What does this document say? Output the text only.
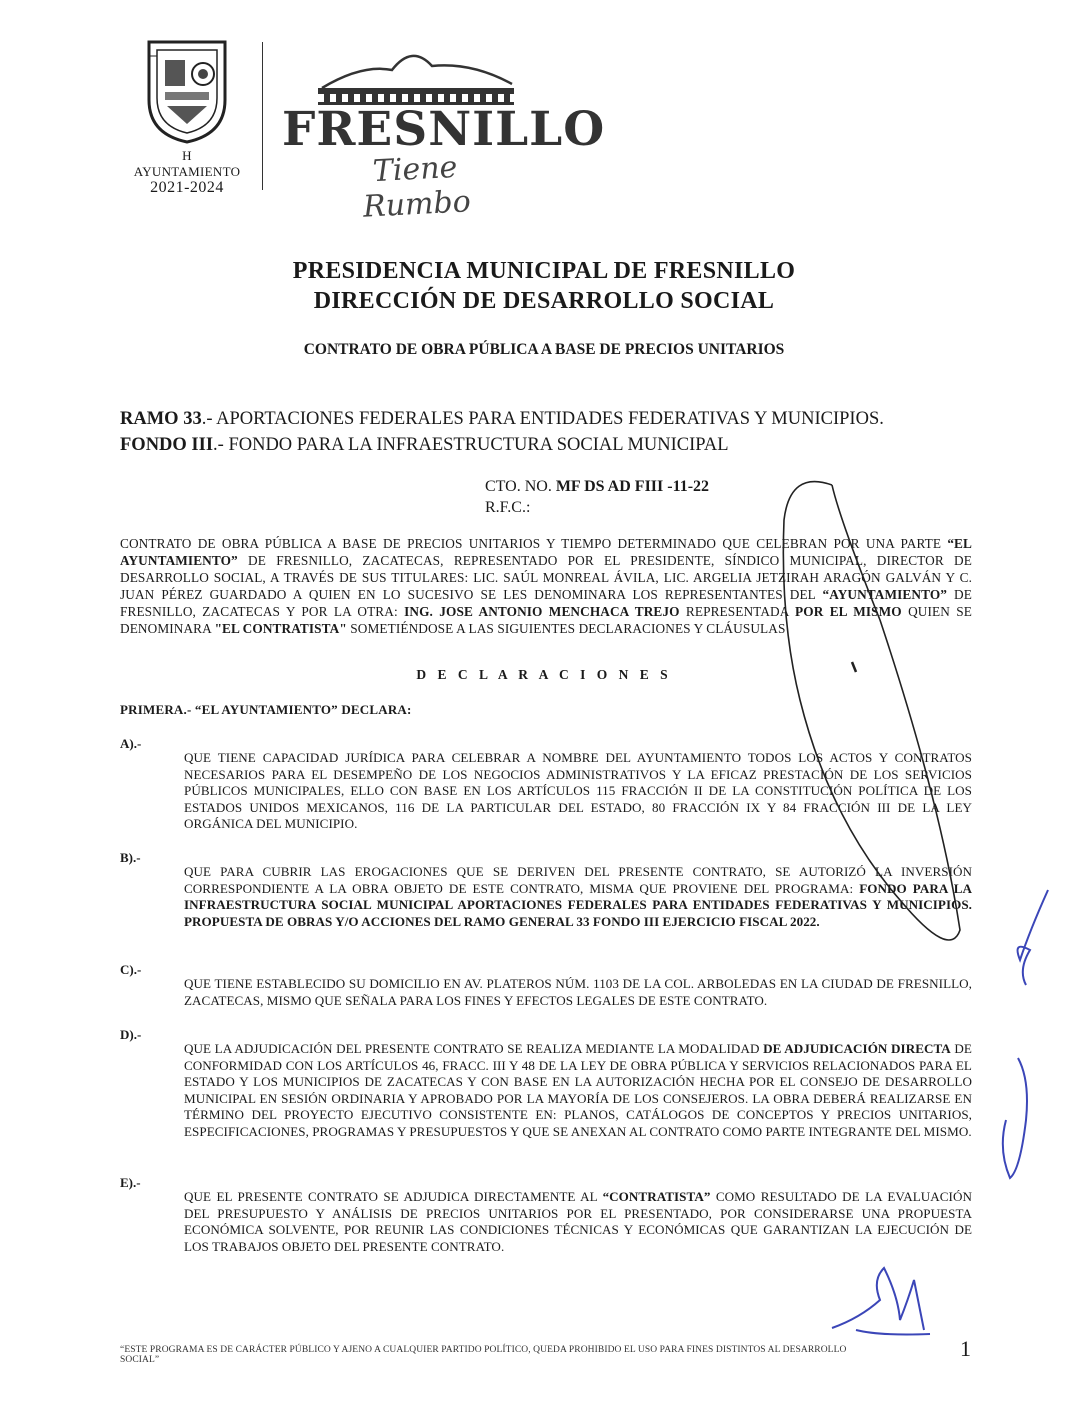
H AYUNTAMIENTO
2021-2024
FRESNILLO
Tiene Rumbo
PRESIDENCIA MUNICIPAL DE FRESNILLO
DIRECCIÓN DE DESARROLLO SOCIAL
CONTRATO DE OBRA PÚBLICA A BASE DE PRECIOS UNITARIOS
RAMO 33.- APORTACIONES FEDERALES PARA ENTIDADES FEDERATIVAS Y MUNICIPIOS.
FONDO III.- FONDO PARA LA INFRAESTRUCTURA SOCIAL MUNICIPAL
CTO. NO. MF DS AD FIII -11-22
R.F.C.:
CONTRATO DE OBRA PÚBLICA A BASE DE PRECIOS UNITARIOS Y TIEMPO DETERMINADO QUE CELEBRAN POR UNA PARTE “EL AYUNTAMIENTO” DE FRESNILLO, ZACATECAS, REPRESENTADO POR EL PRESIDENTE, SÍNDICO MUNICIPAL, DIRECTOR DE DESARROLLO SOCIAL, A TRAVÉS DE SUS TITULARES: LIC. SAÚL MONREAL ÁVILA, LIC. ARGELIA JETZIRAH ARAGÓN GALVÁN Y C. JUAN PÉREZ GUARDADO A QUIEN EN LO SUCESIVO SE LES DENOMINARA LOS REPRESENTANTES DEL “AYUNTAMIENTO” DE FRESNILLO, ZACATECAS Y POR LA OTRA: ING. JOSE ANTONIO MENCHACA TREJO REPRESENTADA POR EL MISMO QUIEN SE DENOMINARA "EL CONTRATISTA" SOMETIÉNDOSE A LAS SIGUIENTES DECLARACIONES Y CLÁUSULAS
D E C L A R A C I O N E S
PRIMERA.- “EL AYUNTAMIENTO” DECLARA:
A).-
QUE TIENE CAPACIDAD JURÍDICA PARA CELEBRAR A NOMBRE DEL AYUNTAMIENTO TODOS LOS ACTOS Y CONTRATOS NECESARIOS PARA EL DESEMPEÑO DE LOS NEGOCIOS ADMINISTRATIVOS Y LA EFICAZ PRESTACIÓN DE LOS SERVICIOS PÚBLICOS MUNICIPALES, ELLO CON BASE EN LOS ARTÍCULOS 115 FRACCIÓN II DE LA CONSTITUCIÓN POLÍTICA DE LOS ESTADOS UNIDOS MEXICANOS, 116 DE LA PARTICULAR DEL ESTADO, 80 FRACCIÓN IX Y 84 FRACCIÓN III DE LA LEY ORGÁNICA DEL MUNICIPIO.
B).-
QUE PARA CUBRIR LAS EROGACIONES QUE SE DERIVEN DEL PRESENTE CONTRATO, SE AUTORIZÓ LA INVERSIÓN CORRESPONDIENTE A LA OBRA OBJETO DE ESTE CONTRATO, MISMA QUE PROVIENE DEL PROGRAMA: FONDO PARA LA INFRAESTRUCTURA SOCIAL MUNICIPAL APORTACIONES FEDERALES PARA ENTIDADES FEDERATIVAS Y MUNICIPIOS. PROPUESTA DE OBRAS Y/O ACCIONES DEL RAMO GENERAL 33 FONDO III EJERCICIO FISCAL 2022.
C).-
QUE TIENE ESTABLECIDO SU DOMICILIO EN AV. PLATEROS NÚM. 1103 DE LA COL. ARBOLEDAS EN LA CIUDAD DE FRESNILLO, ZACATECAS, MISMO QUE SEÑALA PARA LOS FINES Y EFECTOS LEGALES DE ESTE CONTRATO.
D).-
QUE LA ADJUDICACIÓN DEL PRESENTE CONTRATO SE REALIZA MEDIANTE LA MODALIDAD DE ADJUDICACIÓN DIRECTA DE CONFORMIDAD CON LOS ARTÍCULOS 46, FRACC. III Y 48 DE LA LEY DE OBRA PÚBLICA Y SERVICIOS RELACIONADOS PARA EL ESTADO Y LOS MUNICIPIOS DE ZACATECAS Y CON BASE EN LA AUTORIZACIÓN HECHA POR EL CONSEJO DE DESARROLLO MUNICIPAL EN SESIÓN ORDINARIA Y APROBADO POR LA MAYORÍA DE LOS CONSEJEROS. LA OBRA DEBERÁ REALIZARSE EN TÉRMINO DEL PROYECTO EJECUTIVO CONSISTENTE EN: PLANOS, CATÁLOGOS DE CONCEPTOS Y PRECIOS UNITARIOS, ESPECIFICACIONES, PROGRAMAS Y PRESUPUESTOS Y QUE SE ANEXAN AL CONTRATO COMO PARTE INTEGRANTE DEL MISMO.
E).-
QUE EL PRESENTE CONTRATO SE ADJUDICA DIRECTAMENTE AL “CONTRATISTA” COMO RESULTADO DE LA EVALUACIÓN DEL PRESUPUESTO Y ANÁLISIS DE PRECIOS UNITARIOS POR EL PRESENTADO, POR CONSIDERARSE UNA PROPUESTA ECONÓMICA SOLVENTE, POR REUNIR LAS CONDICIONES TÉCNICAS Y ECONÓMICAS QUE GARANTIZAN LA EJECUCIÓN DE LOS TRABAJOS OBJETO DEL PRESENTE CONTRATO.
“ESTE PROGRAMA ES DE CARÁCTER PÚBLICO Y AJENO A CUALQUIER PARTIDO POLÍTICO, QUEDA PROHIBIDO EL USO PARA FINES DISTINTOS AL DESARROLLO SOCIAL”	1
